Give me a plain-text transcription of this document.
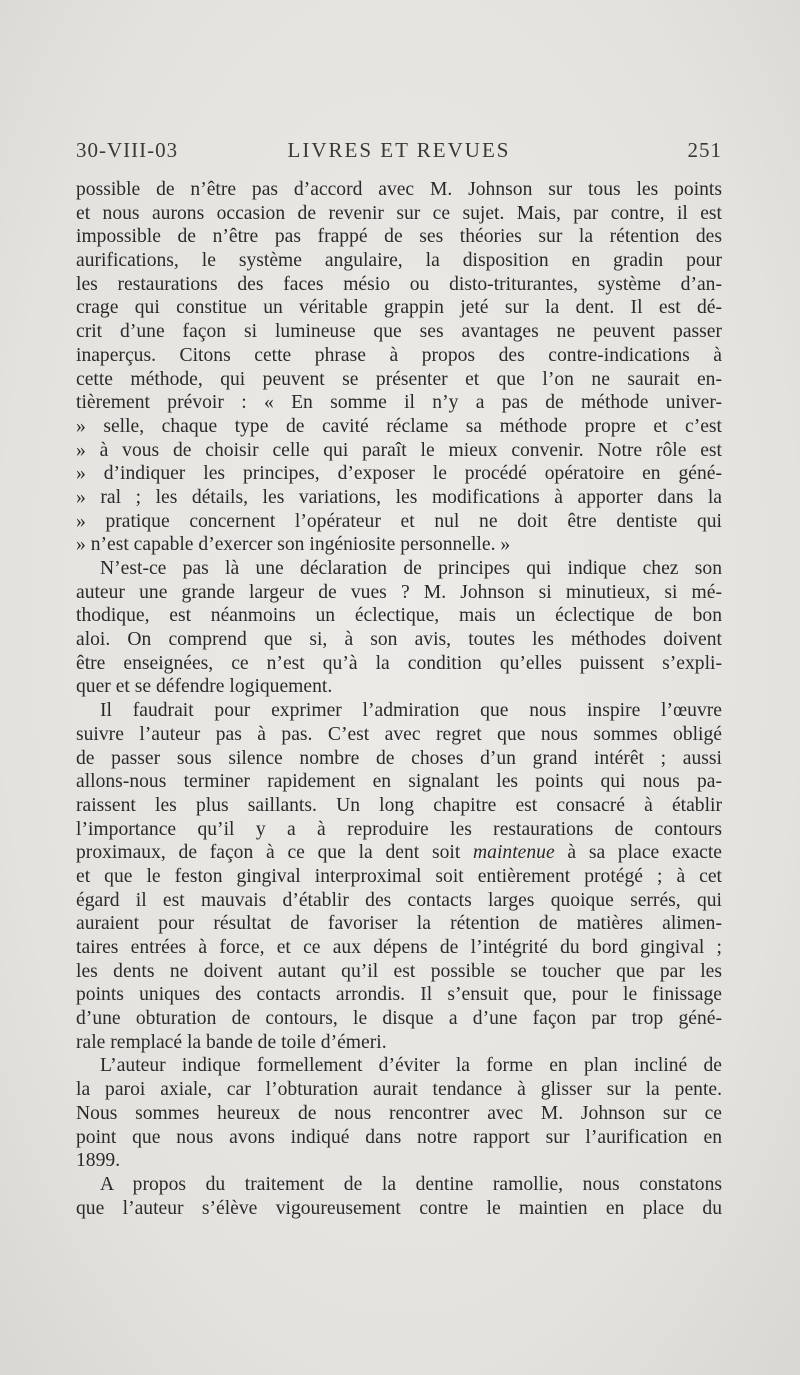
30-VIII-03	LIVRES ET REVUES	251
possible de n’être pas d’accord avec M. Johnson sur tous les points
et nous aurons occasion de revenir sur ce sujet. Mais, par contre, il est
impossible de n’être pas frappé de ses théories sur la rétention des
aurifications, le système angulaire, la disposition en gradin pour
les restaurations des faces mésio ou disto-triturantes, système d’an-
crage qui constitue un véritable grappin jeté sur la dent. Il est dé-
crit d’une façon si lumineuse que ses avantages ne peuvent passer
inaperçus. Citons cette phrase à propos des contre-indications à
cette méthode, qui peuvent se présenter et que l’on ne saurait en-
tièrement prévoir : « En somme il n’y a pas de méthode univer-
» selle, chaque type de cavité réclame sa méthode propre et c’est
» à vous de choisir celle qui paraît le mieux convenir. Notre rôle est
» d’indiquer les principes, d’exposer le procédé opératoire en géné-
» ral ; les détails, les variations, les modifications à apporter dans la
» pratique concernent l’opérateur et nul ne doit être dentiste qui
» n’est capable d’exercer son ingéniosite personnelle. »
N’est-ce pas là une déclaration de principes qui indique chez son
auteur une grande largeur de vues ? M. Johnson si minutieux, si mé-
thodique, est néanmoins un éclectique, mais un éclectique de bon
aloi. On comprend que si, à son avis, toutes les méthodes doivent
être enseignées, ce n’est qu’à la condition qu’elles puissent s’expli-
quer et se défendre logiquement.
Il faudrait pour exprimer l’admiration que nous inspire l’œuvre
suivre l’auteur pas à pas. C’est avec regret que nous sommes obligé
de passer sous silence nombre de choses d’un grand intérêt ; aussi
allons-nous terminer rapidement en signalant les points qui nous pa-
raissent les plus saillants. Un long chapitre est consacré à établir
l’importance qu’il y a à reproduire les restaurations de contours
proximaux, de façon à ce que la dent soit maintenue à sa place exacte
et que le feston gingival interproximal soit entièrement protégé ; à cet
égard il est mauvais d’établir des contacts larges quoique serrés, qui
auraient pour résultat de favoriser la rétention de matières alimen-
taires entrées à force, et ce aux dépens de l’intégrité du bord gingival ;
les dents ne doivent autant qu’il est possible se toucher que par les
points uniques des contacts arrondis. Il s’ensuit que, pour le finissage
d’une obturation de contours, le disque a d’une façon par trop géné-
rale remplacé la bande de toile d’émeri.
L’auteur indique formellement d’éviter la forme en plan incliné de
la paroi axiale, car l’obturation aurait tendance à glisser sur la pente.
Nous sommes heureux de nous rencontrer avec M. Johnson sur ce
point que nous avons indiqué dans notre rapport sur l’aurification en
1899.
A propos du traitement de la dentine ramollie, nous constatons
que l’auteur s’élève vigoureusement contre le maintien en place du
